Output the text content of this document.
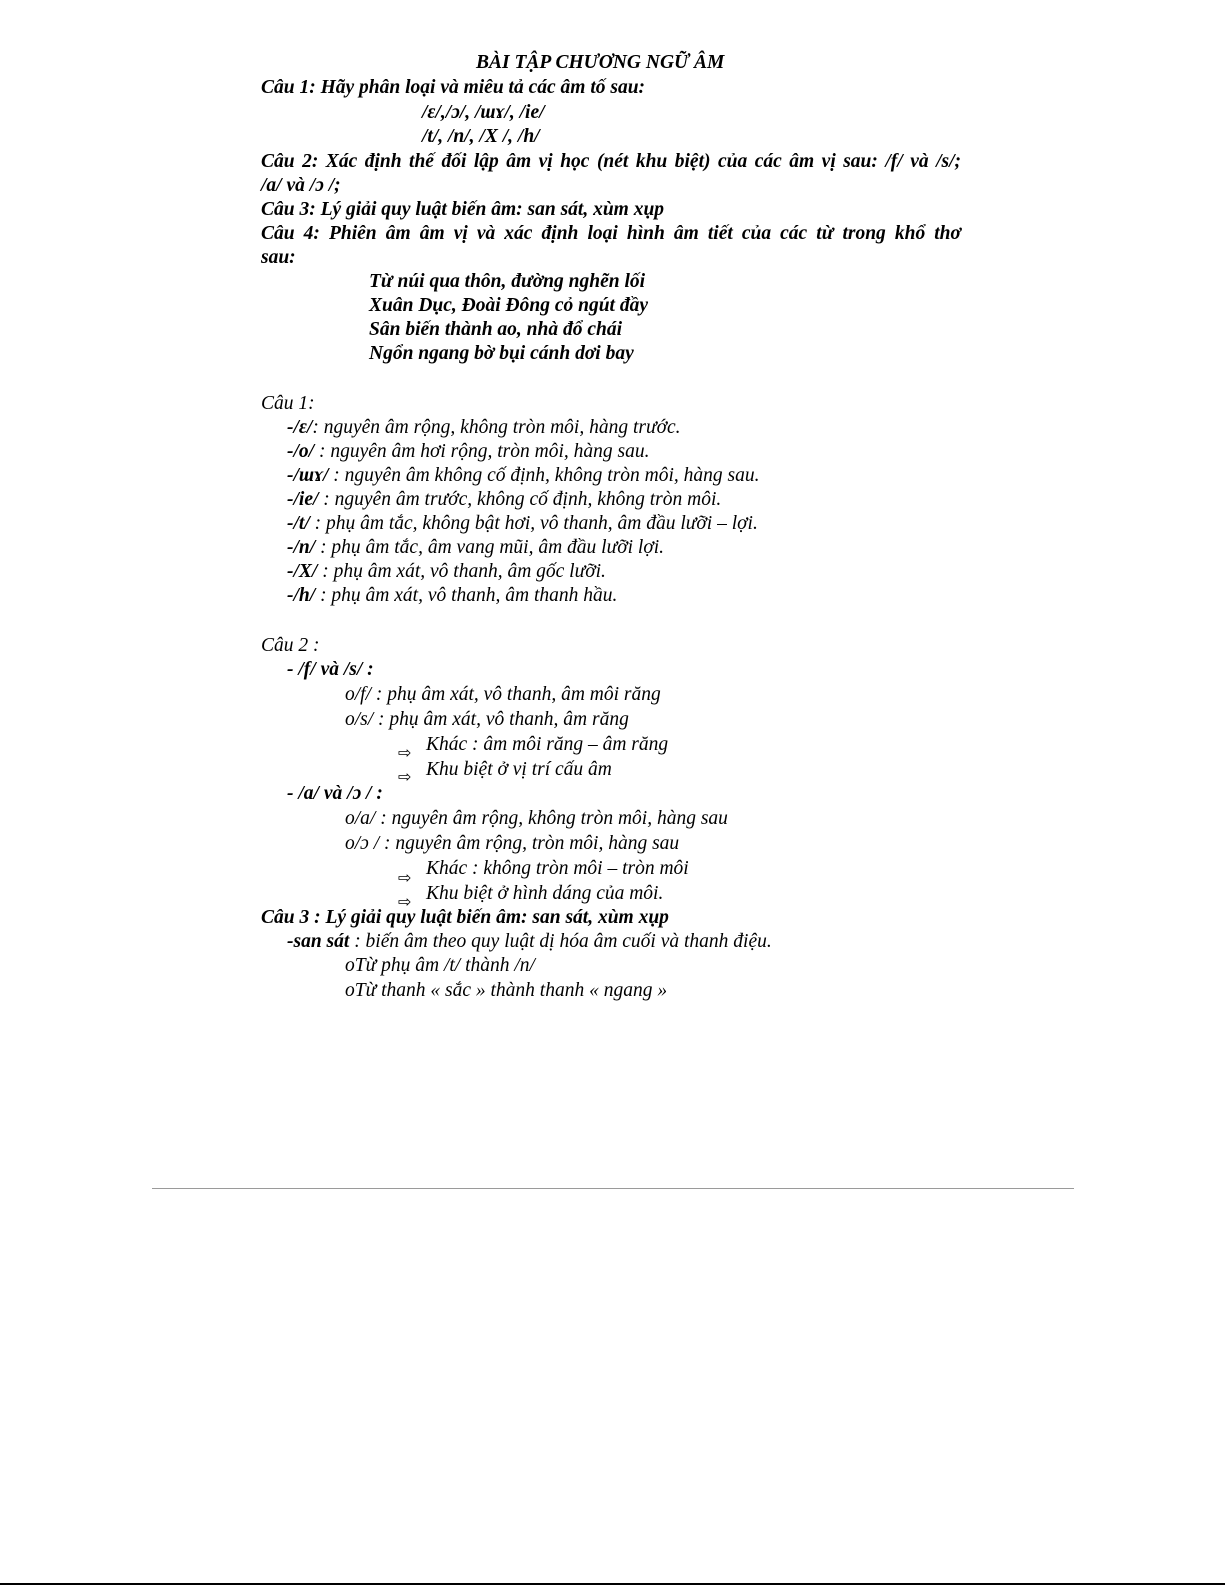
BÀI TẬP CHƯƠNG NGỮ ÂM
Câu 1: Hãy phân loại và miêu tả các âm tố sau:
/ɛ/,/ɔ/, /ɯɤ/, /ie/
/t/, /n/, /X /, /h/
Câu 2: Xác định thế đối lập âm vị học (nét khu biệt) của các âm vị sau: /f/ và /s/;
/a/ và /ɔ /;
Câu 3: Lý giải quy luật biến âm: san sát, xùm xụp
Câu 4: Phiên âm âm vị và xác định loại hình âm tiết của các từ trong khổ thơ
sau:
Từ núi qua thôn, đường nghẽn lối
Xuân Dục, Đoài Đông cỏ ngút đầy
Sân biến thành ao, nhà đổ chái
Ngổn ngang bờ bụi cánh dơi bay
Câu 1:
-/ɛ/: nguyên âm rộng, không tròn môi, hàng trước.
-/o/ : nguyên âm hơi rộng, tròn môi, hàng sau.
-/ɯɤ/ : nguyên âm không cố định, không tròn môi, hàng sau.
-/ie/ : nguyên âm trước, không cố định, không tròn môi.
-/t/ : phụ âm tắc, không bật hơi, vô thanh, âm đầu lưỡi – lợi.
-/n/ : phụ âm tắc, âm vang mũi, âm đầu lưỡi lợi.
-/X/ : phụ âm xát, vô thanh, âm gốc lưỡi.
-/h/ : phụ âm xát, vô thanh, âm thanh hầu.
Câu 2 :
- /f/ và /s/ :
o/f/ : phụ âm xát, vô thanh, âm môi răng
o/s/ : phụ âm xát, vô thanh, âm răng
⇨ Khác : âm môi răng – âm răng
⇨ Khu biệt ở vị trí cấu âm
- /a/ và /ɔ / :
o/a/ : nguyên âm rộng, không tròn môi, hàng sau
o/ɔ / : nguyên âm rộng, tròn môi, hàng sau
⇨ Khác : không tròn môi – tròn môi
⇨ Khu biệt ở hình dáng của môi.
Câu 3 : Lý giải quy luật biến âm: san sát, xùm xụp
-san sát : biến âm theo quy luật dị hóa âm cuối và thanh điệu.
oTừ phụ âm /t/ thành /n/
oTừ thanh « sắc » thành thanh « ngang »
